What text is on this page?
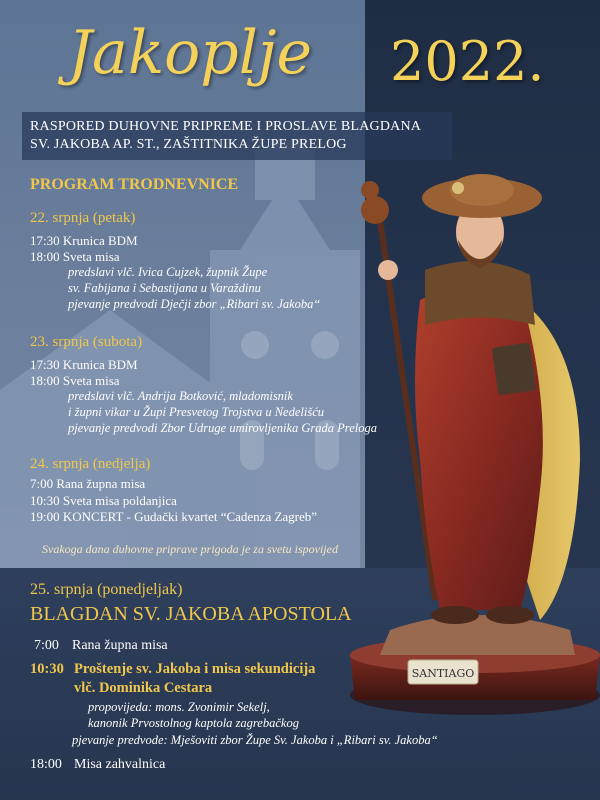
Jakoplje 2022.
RASPORED DUHOVNE PRIPREME I PROSLAVE BLAGDANA
SV. JAKOBA AP. ST., ZAŠTITNIKA ŽUPE PRELOG
PROGRAM TRODNEVNICE
22. srpnja (petak)
17:30 Krunica BDM
18:00 Sveta misa
predslavi vlč. Ivica Cujzek, župnik Župe
sv. Fabijana i Sebastijana u Varaždinu
pjevanje predvodi Dječji zbor „Ribari sv. Jakoba“
23. srpnja (subota)
17:30 Krunica BDM
18:00 Sveta misa
predslavi vlč. Andrija Botković, mladomisnik
i župni vikar u Župi Presvetog Trojstva u Nedelišću
pjevanje predvodi Zbor Udruge umirovljenika Grada Preloga
24. srpnja (nedjelja)
7:00 Rana župna misa
10:30 Sveta misa poldanjica
19:00 KONCERT - Gudački kvartet “Cadenza Zagreb”
Svakoga dana duhovne priprave prigoda je za svetu ispovijed
25. srpnja (ponedjeljak)
BLAGDAN SV. JAKOBA APOSTOLA
7:00 Rana župna misa
10:30 Proštenje sv. Jakoba i misa sekundicija
vlč. Dominika Cestara
propovijeda: mons. Zvonimir Sekelj,
kanonik Prvostolnog kaptola zagrebačkog
pjevanje predvode: Mješoviti zbor Župe Sv. Jakoba i „Ribari sv. Jakoba“
18:00 Misa zahvalnica
SANTIAGO
